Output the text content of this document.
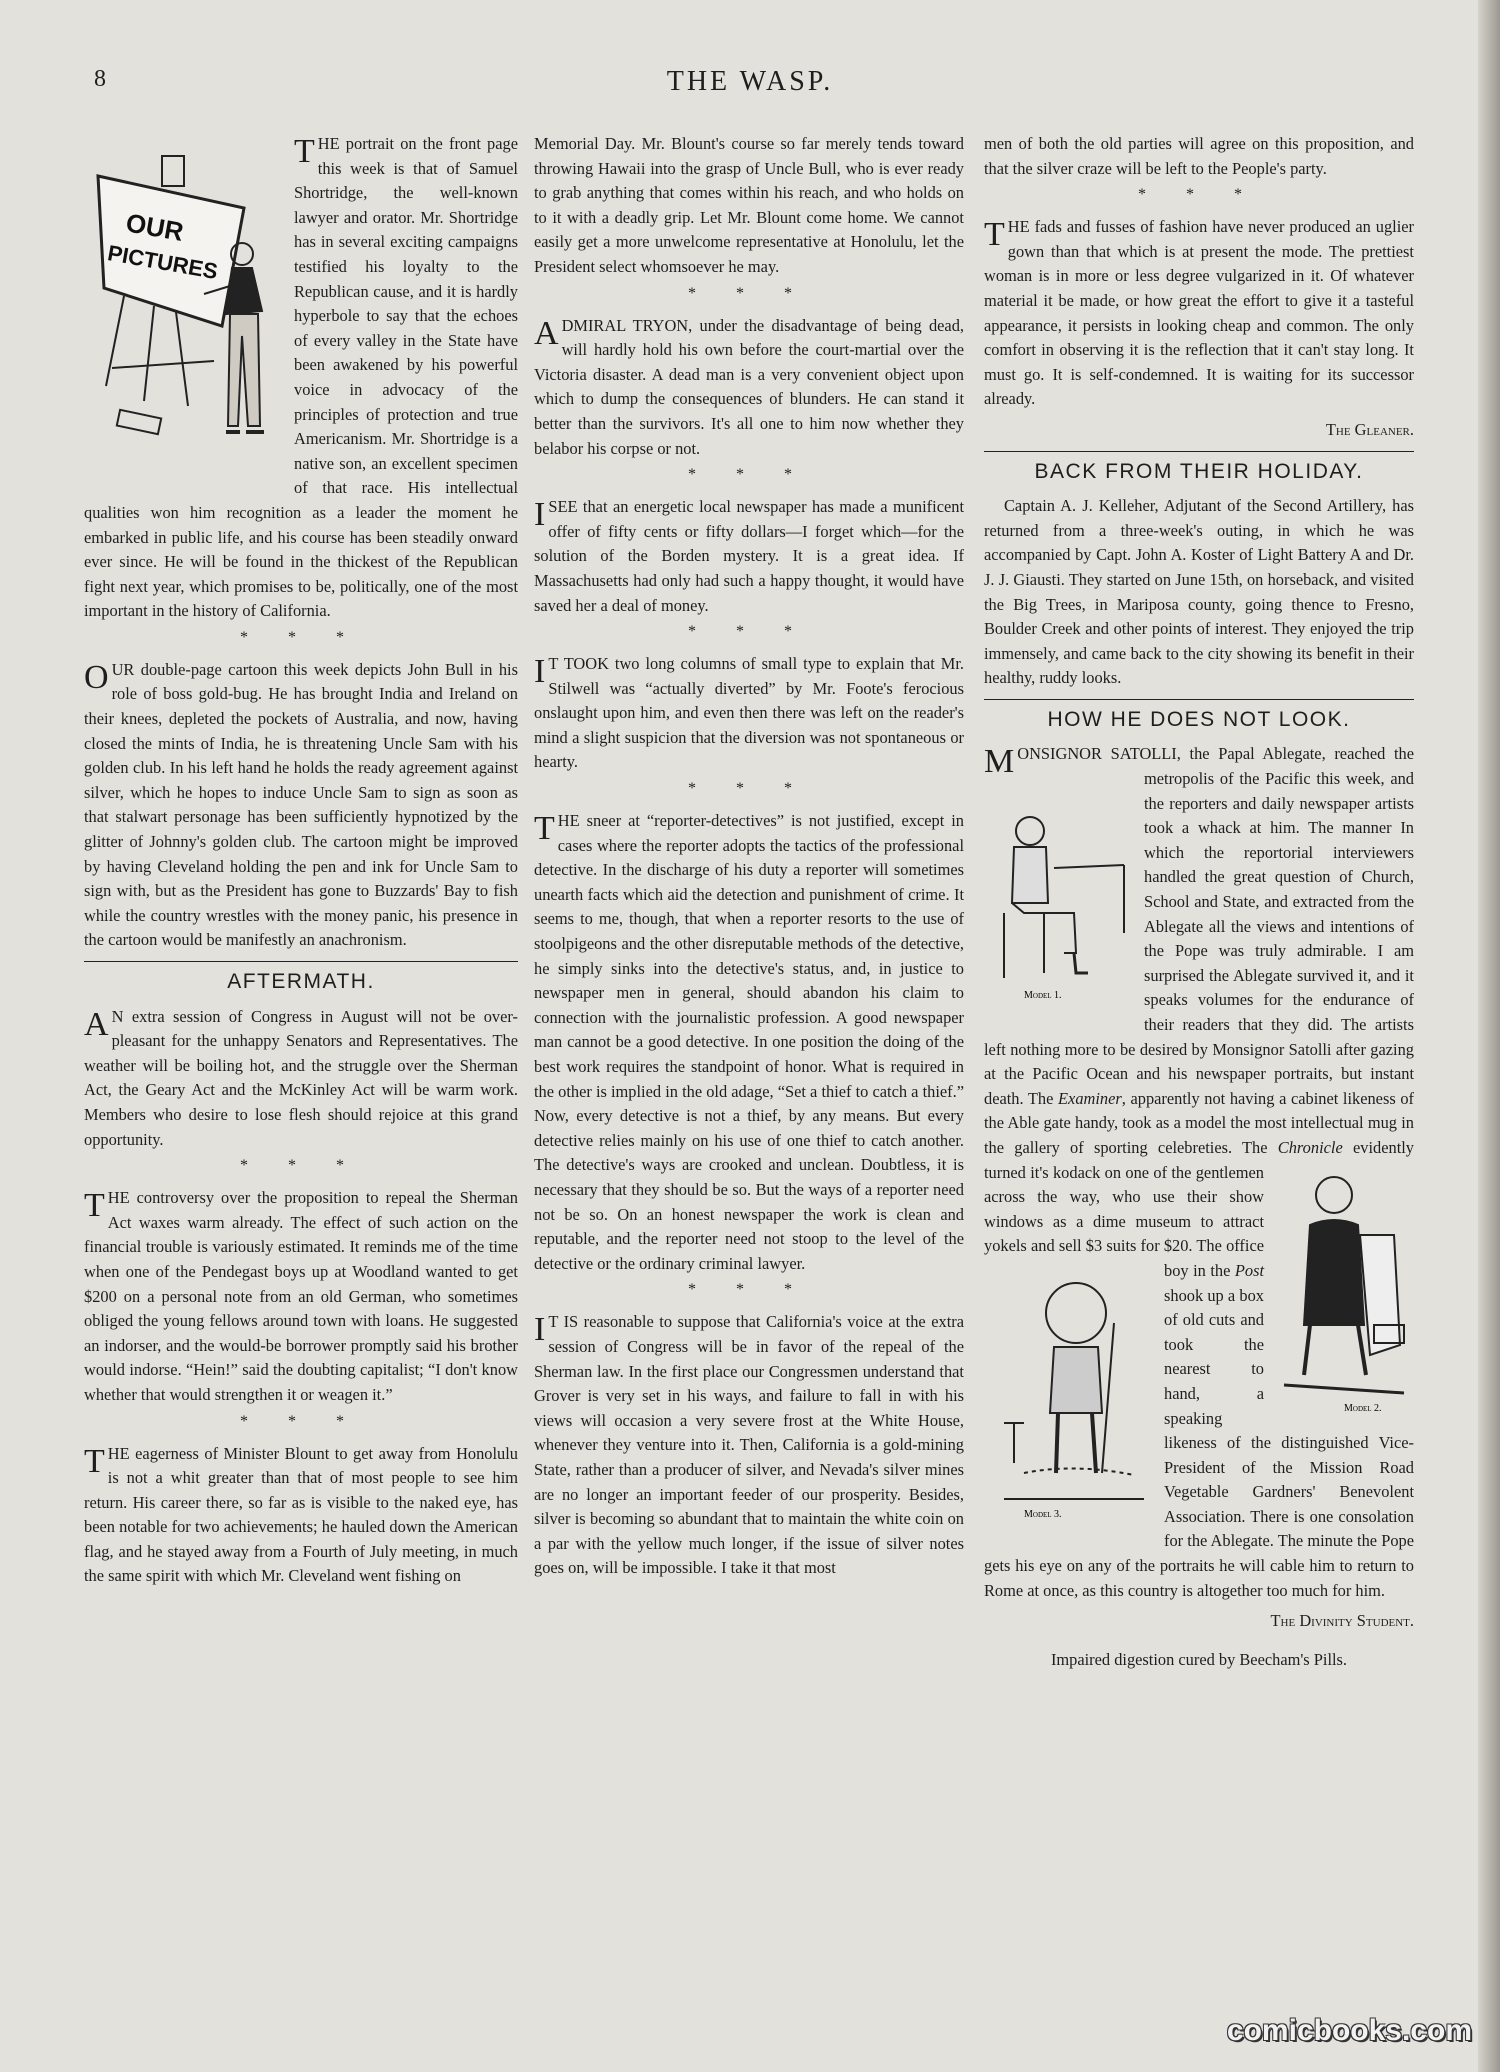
8	THE WASP.
OUR
PICTURES

THE portrait on the front page this week is that of Samuel Shortridge, the well-known lawyer and orator. Mr. Shortridge has in several exciting campaigns testified his loyalty to the Republican cause, and it is hardly hyperbole to say that the echoes of every valley in the State have been awakened by his powerful voice in advocacy of the principles of protection and true Americanism. Mr. Shortridge is a native son, an excellent specimen of that race. His intellectual qualities won him recognition as a leader the moment he embarked in public life, and his course has been steadily onward ever since. He will be found in the thickest of the Republican fight next year, which promises to be, politically, one of the most important in the history of California.

* * *

OUR double-page cartoon this week depicts John Bull in his role of boss gold-bug. He has brought India and Ireland on their knees, depleted the pockets of Australia, and now, having closed the mints of India, he is threatening Uncle Sam with his golden club. In his left hand he holds the ready agreement against silver, which he hopes to induce Uncle Sam to sign as soon as that stalwart personage has been sufficiently hypnotized by the glitter of Johnny's golden club. The cartoon might be improved by having Cleveland holding the pen and ink for Uncle Sam to sign with, but as the President has gone to Buzzards' Bay to fish while the country wrestles with the money panic, his presence in the cartoon would be manifestly an anachronism.

AFTERMATH.

A N extra session of Congress in August will not be over-pleasant for the unhappy Senators and Representatives. The weather will be boiling hot, and the struggle over the Sherman Act, the Geary Act and the McKinley Act will be warm work. Members who desire to lose flesh should rejoice at this grand opportunity.

* * *

THE controversy over the proposition to repeal the Sherman Act waxes warm already. The effect of such action on the financial trouble is variously estimated. It reminds me of the time when one of the Pendegast boys up at Woodland wanted to get $200 on a personal note from an old German, who sometimes obliged the young fellows around town with loans. He suggested an indorser, and the would-be borrower promptly said his brother would indorse. “Hein!” said the doubting capitalist; “I don't know whether that would strengthen it or weagen it.”

* * *

THE eagerness of Minister Blount to get away from Honolulu is not a whit greater than that of most people to see him return. His career there, so far as is visible to the naked eye, has been notable for two achievements; he hauled down the American flag, and he stayed away from a Fourth of July meeting, in much the same spirit with which Mr. Cleveland went fishing on

Memorial Day. Mr. Blount's course so far merely tends toward throwing Hawaii into the grasp of Uncle Bull, who is ever ready to grab anything that comes within his reach, and who holds on to it with a deadly grip. Let Mr. Blount come home. We cannot easily get a more unwelcome representative at Honolulu, let the President select whomsoever he may.

* * *

ADMIRAL TRYON, under the disadvantage of being dead, will hardly hold his own before the court-martial over the Victoria disaster. A dead man is a very convenient object upon which to dump the consequences of blunders. He can stand it better than the survivors. It's all one to him now whether they belabor his corpse or not.

* * *

I SEE that an energetic local newspaper has made a munificent offer of fifty cents or fifty dollars—I forget which—for the solution of the Borden mystery. It is a great idea. If Massachusetts had only had such a happy thought, it would have saved her a deal of money.

* * *

I T TOOK two long columns of small type to explain that Mr. Stilwell was “actually diverted” by Mr. Foote's ferocious onslaught upon him, and even then there was left on the reader's mind a slight suspicion that the diversion was not spontaneous or hearty.

* * *

THE sneer at “reporter-detectives” is not justified, except in cases where the reporter adopts the tactics of the professional detective. In the discharge of his duty a reporter will sometimes unearth facts which aid the detection and punishment of crime. It seems to me, though, that when a reporter resorts to the use of stoolpigeons and the other disreputable methods of the detective, he simply sinks into the detective's status, and, in justice to newspaper men in general, should abandon his claim to connection with the journalistic profession. A good newspaper man cannot be a good detective. In one position the doing of the best work requires the standpoint of honor. What is required in the other is implied in the old adage, “Set a thief to catch a thief.” Now, every detective is not a thief, by any means. But every detective relies mainly on his use of one thief to catch another. The detective's ways are crooked and unclean. Doubtless, it is necessary that they should be so. But the ways of a reporter need not be so. On an honest newspaper the work is clean and reputable, and the reporter need not stoop to the level of the detective or the ordinary criminal lawyer.

* * *

I T IS reasonable to suppose that California's voice at the extra session of Congress will be in favor of the repeal of the Sherman law. In the first place our Congressmen understand that Grover is very set in his ways, and failure to fall in with his views will occasion a very severe frost at the White House, whenever they venture into it. Then, California is a gold-mining State, rather than a producer of silver, and Nevada's silver mines are no longer an important feeder of our prosperity. Besides, silver is becoming so abundant that to maintain the white coin on a par with the yellow much longer, if the issue of silver notes goes on, will be impossible. I take it that most

men of both the old parties will agree on this proposition, and that the silver craze will be left to the People's party.

* * *

THE fads and fusses of fashion have never produced an uglier gown than that which is at present the mode. The prettiest woman is in more or less degree vulgarized in it. Of whatever material it be made, or how great the effort to give it a tasteful appearance, it persists in looking cheap and common. The only comfort in observing it is the reflection that it can't stay long. It must go. It is self-condemned. It is waiting for its successor already.

The Gleaner.
BACK FROM THEIR HOLIDAY.

Captain A. J. Kelleher, Adjutant of the Second Artillery, has returned from a three-week's outing, in which he was accompanied by Capt. John A. Koster of Light Battery A and Dr. J. J. Giausti. They started on June 15th, on horseback, and visited the Big Trees, in Mariposa county, going thence to Fresno, Boulder Creek and other points of interest. They enjoyed the trip immensely, and came back to the city showing its benefit in their healthy, ruddy looks.

HOW HE DOES NOT LOOK.

M
Model 1.
ONSIGNOR SATOLLI, the Papal Ablegate, reached the metropolis of the Pacific this week, and the reporters and daily newspaper artists took a whack at him. The manner In which the reportorial interviewers handled the great question of Church, School and State, and extracted from the Ablegate all the views and intentions of the Pope was truly admirable. I am surprised the Ablegate survived it, and it speaks volumes for the endurance of their readers that they did. The artists left nothing more to be desired by Monsignor Satolli after gazing at the Pacific Ocean and his newspaper portraits, but instant death. The Examiner, apparently not having a cabinet likeness of the Able gate handy, took as a model the most intellectual mug in the gallery of sporting celebreties. The Chronicle
Model 2.
evidently turned it's kodack on one of the gentlemen across the way, who use their show windows as a dime museum to attract yokels and sell $3 suits for $20. The office boy in the Post
Model 3.
shook up a box of old cuts and took the nearest to hand, a speaking likeness of the distinguished Vice-President of the Mission Road Vegetable Gardners' Benevolent Association. There is one consolation for the Ablegate. The minute the Pope gets his eye on any of the portraits he will cable him to return to Rome at once, as this country is altogether too much for him.

The Divinity Student.
Impaired digestion cured by Beecham's Pills.
comicbooks.com
